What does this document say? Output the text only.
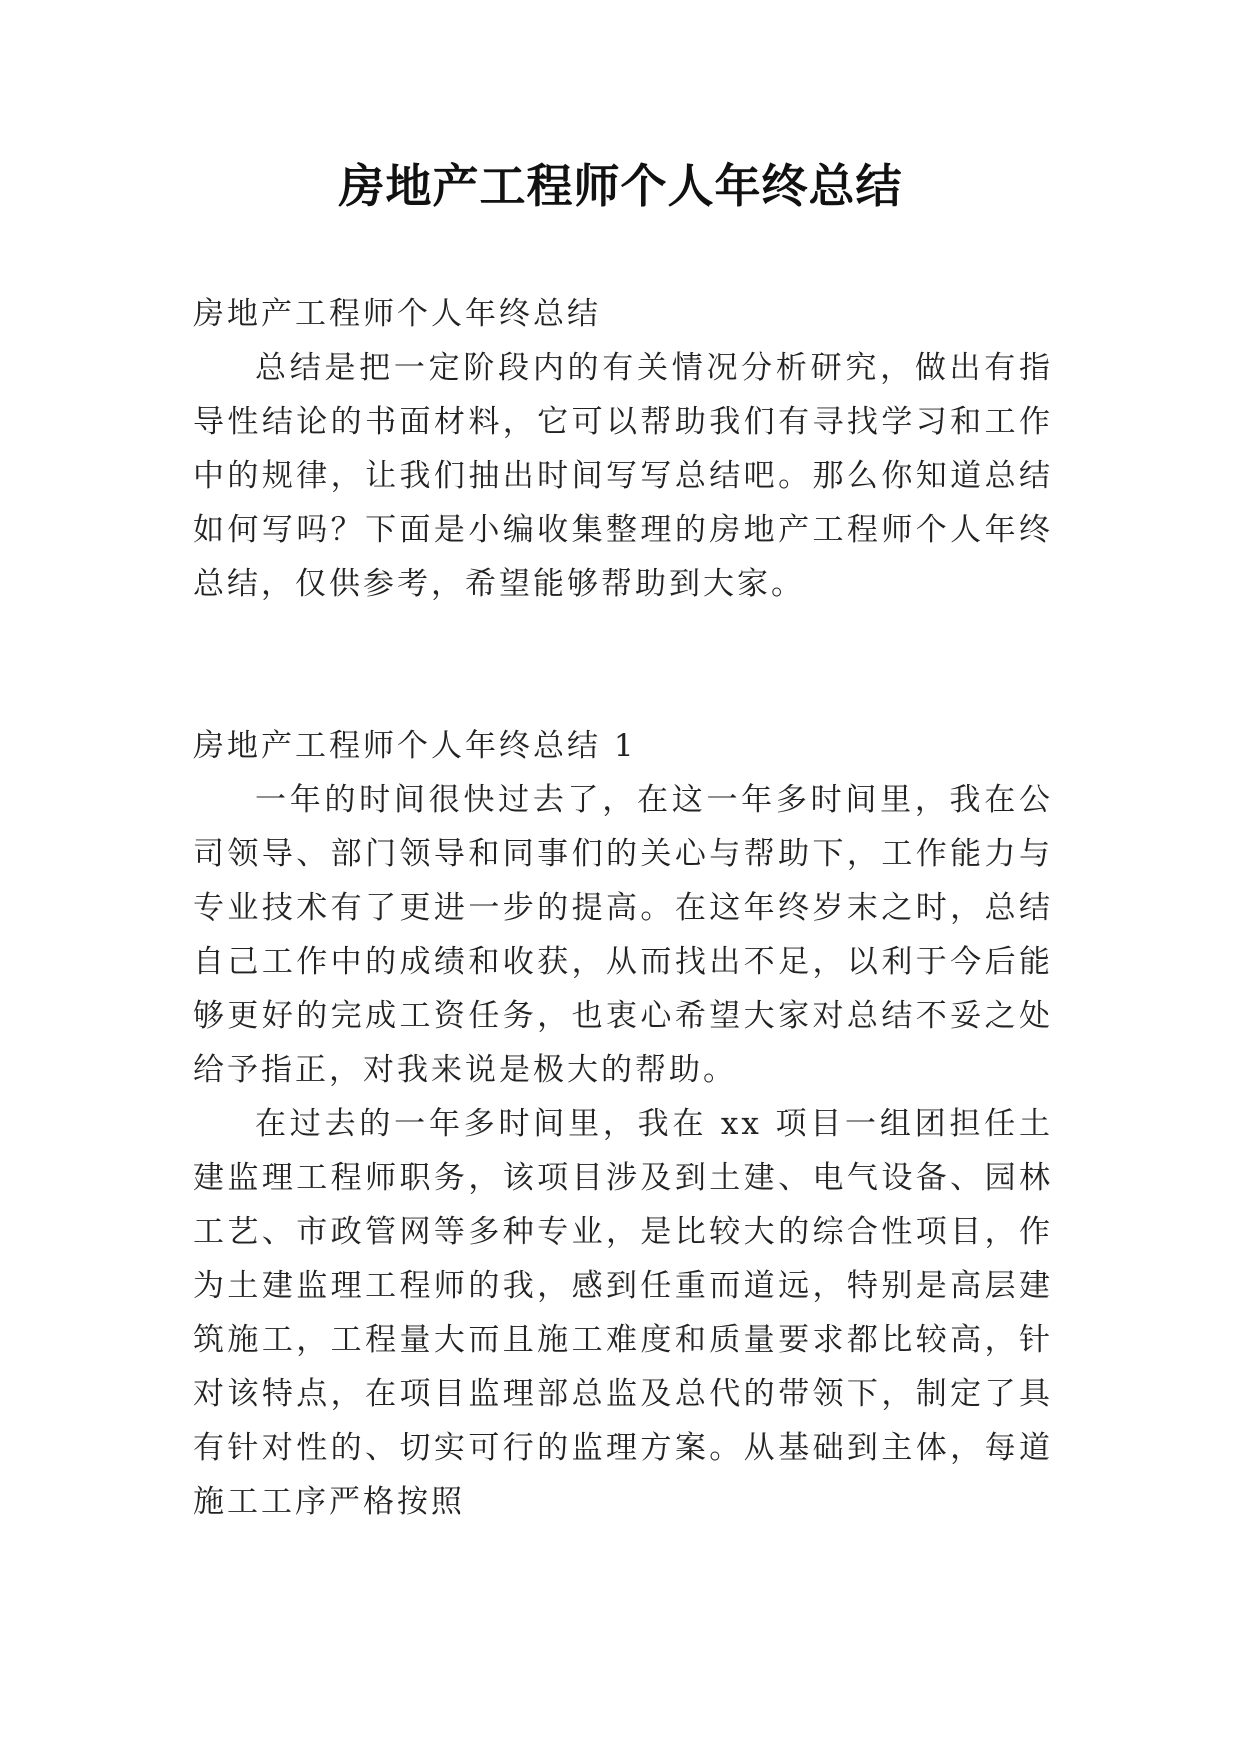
房地产工程师个人年终总结

房地产工程师个人年终总结

总结是把一定阶段内的有关情况分析研究，做出有指导性结论的书面材料，它可以帮助我们有寻找学习和工作中的规律，让我们抽出时间写写总结吧。那么你知道总结如何写吗？下面是小编收集整理的房地产工程师个人年终总结，仅供参考，希望能够帮助到大家。

房地产工程师个人年终总结 1

一年的时间很快过去了，在这一年多时间里，我在公司领导、部门领导和同事们的关心与帮助下，工作能力与专业技术有了更进一步的提高。在这年终岁末之时，总结自己工作中的成绩和收获，从而找出不足，以利于今后能够更好的完成工资任务，也衷心希望大家对总结不妥之处给予指正，对我来说是极大的帮助。

在过去的一年多时间里，我在 xx 项目一组团担任土建监理工程师职务，该项目涉及到土建、电气设备、园林工艺、市政管网等多种专业，是比较大的综合性项目，作为土建监理工程师的我，感到任重而道远，特别是高层建筑施工，工程量大而且施工难度和质量要求都比较高，针对该特点，在项目监理部总监及总代的带领下，制定了具有针对性的、切实可行的监理方案。从基础到主体，每道施工工序严格按照
